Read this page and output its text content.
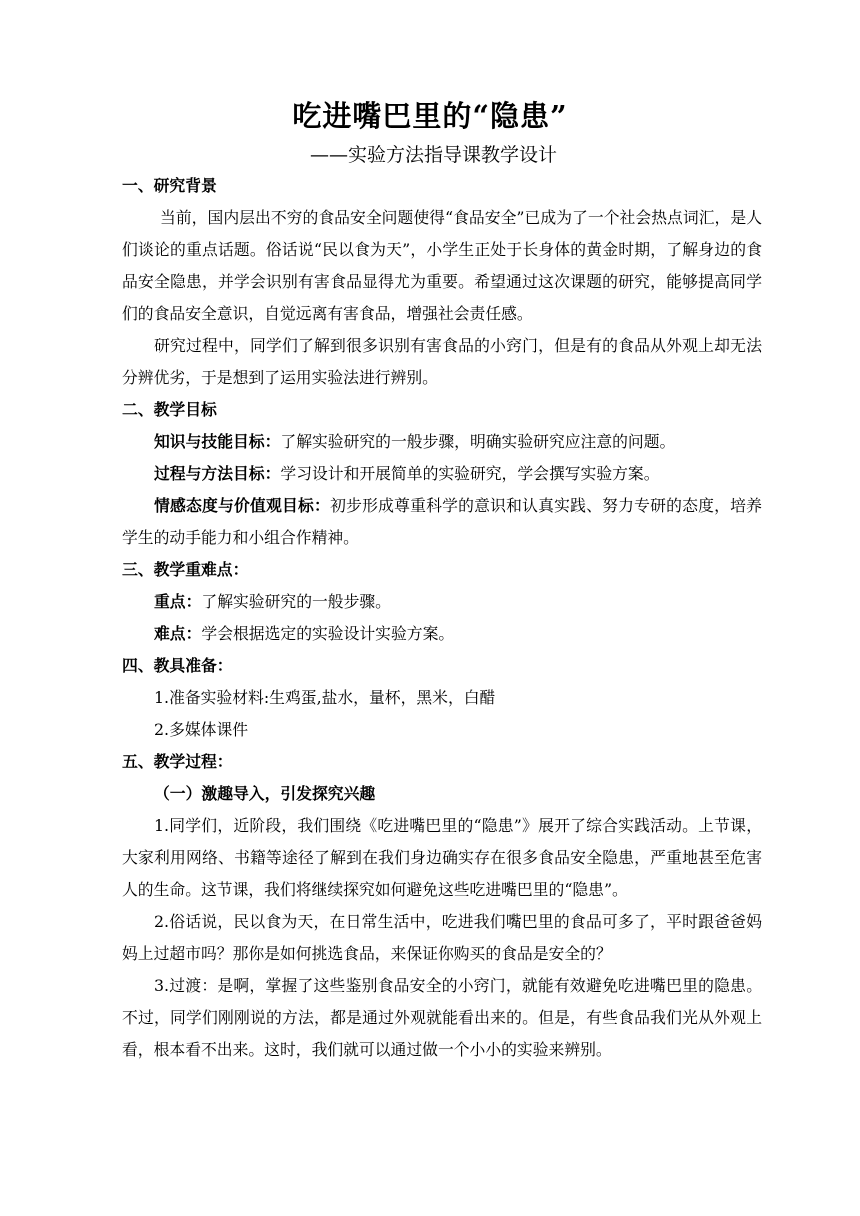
吃进嘴巴里的“隐患”
——实验方法指导课教学设计
一、研究背景
当前，国内层出不穷的食品安全问题使得“食品安全”已成为了一个社会热点词汇，是人们谈论的重点话题。俗话说“民以食为天”，小学生正处于长身体的黄金时期，了解身边的食品安全隐患，并学会识别有害食品显得尤为重要。希望通过这次课题的研究，能够提高同学们的食品安全意识，自觉远离有害食品，增强社会责任感。
研究过程中，同学们了解到很多识别有害食品的小窍门，但是有的食品从外观上却无法分辨优劣，于是想到了运用实验法进行辨别。
二、教学目标
知识与技能目标：了解实验研究的一般步骤，明确实验研究应注意的问题。
过程与方法目标：学习设计和开展简单的实验研究，学会撰写实验方案。
情感态度与价值观目标：初步形成尊重科学的意识和认真实践、努力专研的态度，培养学生的动手能力和小组合作精神。
三、教学重难点：
重点：了解实验研究的一般步骤。
难点：学会根据选定的实验设计实验方案。
四、教具准备：
1.准备实验材料:生鸡蛋,盐水，量杯，黑米，白醋
2.多媒体课件
五、教学过程：
（一）激趣导入，引发探究兴趣
1.同学们，近阶段，我们围绕《吃进嘴巴里的“隐患”》展开了综合实践活动。上节课，大家利用网络、书籍等途径了解到在我们身边确实存在很多食品安全隐患，严重地甚至危害人的生命。这节课，我们将继续探究如何避免这些吃进嘴巴里的“隐患”。
2.俗话说，民以食为天，在日常生活中，吃进我们嘴巴里的食品可多了，平时跟爸爸妈妈上过超市吗？那你是如何挑选食品，来保证你购买的食品是安全的？
3.过渡：是啊，掌握了这些鉴别食品安全的小窍门，就能有效避免吃进嘴巴里的隐患。不过，同学们刚刚说的方法，都是通过外观就能看出来的。但是，有些食品我们光从外观上看，根本看不出来。这时，我们就可以通过做一个小小的实验来辨别。
